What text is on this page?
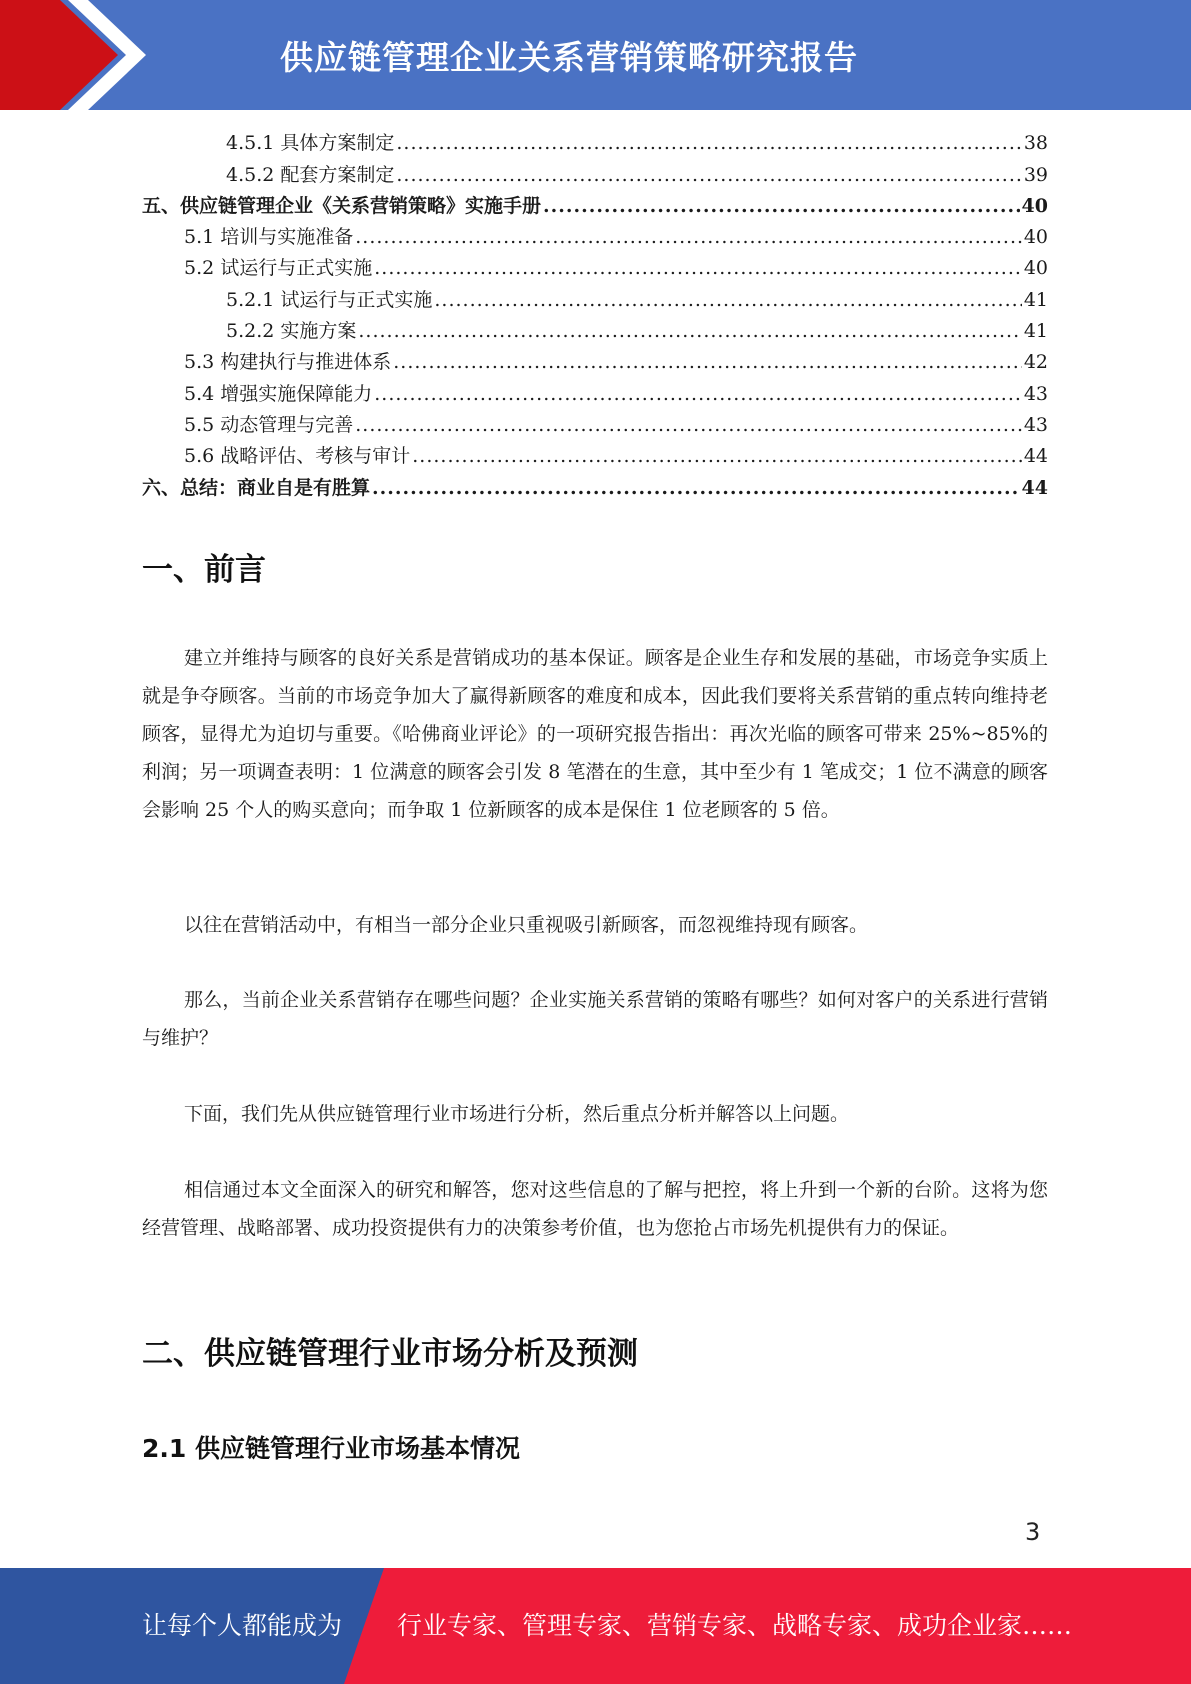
供应链管理企业关系营销策略研究报告
4.5.1 具体方案制定 .....	38
4.5.2 配套方案制定 .....	39
五、供应链管理企业《关系营销策略》实施手册 .....	40
5.1 培训与实施准备 .....	40
5.2 试运行与正式实施 .....	40
5.2.1 试运行与正式实施 .....	41
5.2.2 实施方案 .....	41
5.3 构建执行与推进体系 .....	42
5.4 增强实施保障能力 .....	43
5.5 动态管理与完善 .....	43
5.6 战略评估、考核与审计 .....	44
六、总结：商业自是有胜算 .....	44
一、前言

建立并维持与顾客的良好关系是营销成功的基本保证。顾客是企业生存和发展的基础，市场竞争实质上就是争夺顾客。当前的市场竞争加大了赢得新顾客的难度和成本，因此我们要将关系营销的重点转向维持老顾客，显得尤为迫切与重要。《哈佛商业评论》的一项研究报告指出：再次光临的顾客可带来 25%~85%的利润；另一项调查表明：1 位满意的顾客会引发 8 笔潜在的生意，其中至少有 1 笔成交；1 位不满意的顾客会影响 25 个人的购买意向；而争取 1 位新顾客的成本是保住 1 位老顾客的 5 倍。

以往在营销活动中，有相当一部分企业只重视吸引新顾客，而忽视维持现有顾客。

那么，当前企业关系营销存在哪些问题？企业实施关系营销的策略有哪些？如何对客户的关系进行营销与维护？

下面，我们先从供应链管理行业市场进行分析，然后重点分析并解答以上问题。

相信通过本文全面深入的研究和解答，您对这些信息的了解与把控，将上升到一个新的台阶。这将为您经营管理、战略部署、成功投资提供有力的决策参考价值，也为您抢占市场先机提供有力的保证。

二、供应链管理行业市场分析及预测
2.1 供应链管理行业市场基本情况
3
让每个人都能成为 行业专家、管理专家、营销专家、战略专家、成功企业家……
